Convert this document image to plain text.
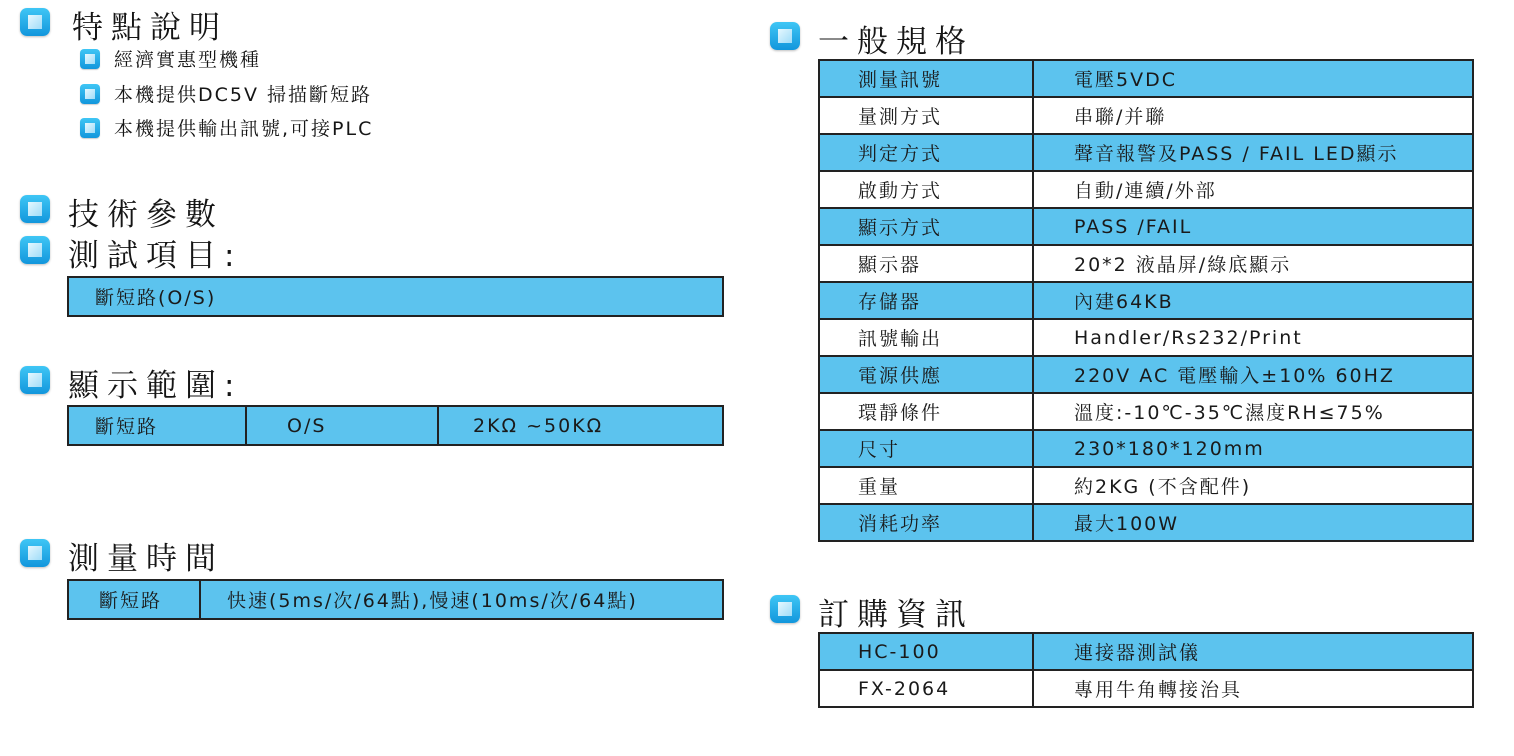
特點說明
經濟實惠型機種
本機提供DC5V 掃描斷短路
本機提供輸出訊號,可接PLC
技術參數
測試項目:
斷短路(O/S)
顯示範圍:
斷短路	O/S	2KΩ ~50KΩ
測量時間
斷短路	快速(5ms/次/64點),慢速(10ms/次/64點)
一般規格
測量訊號	電壓5VDC
量測方式	串聯/并聯
判定方式	聲音報警及PASS / FAIL LED顯示
啟動方式	自動/連續/外部
顯示方式	PASS /FAIL
顯示器	20*2 液晶屏/綠底顯示
存儲器	內建64KB
訊號輸出	Handler/Rs232/Print
電源供應	220V AC 電壓輸入±10% 60HZ
環靜條件	溫度:-10℃-35℃濕度RH≤75%
尺寸	230*180*120mm
重量	約2KG (不含配件)
消耗功率	最大100W
訂購資訊
HC-100	連接器測試儀
FX-2064	專用牛角轉接治具
